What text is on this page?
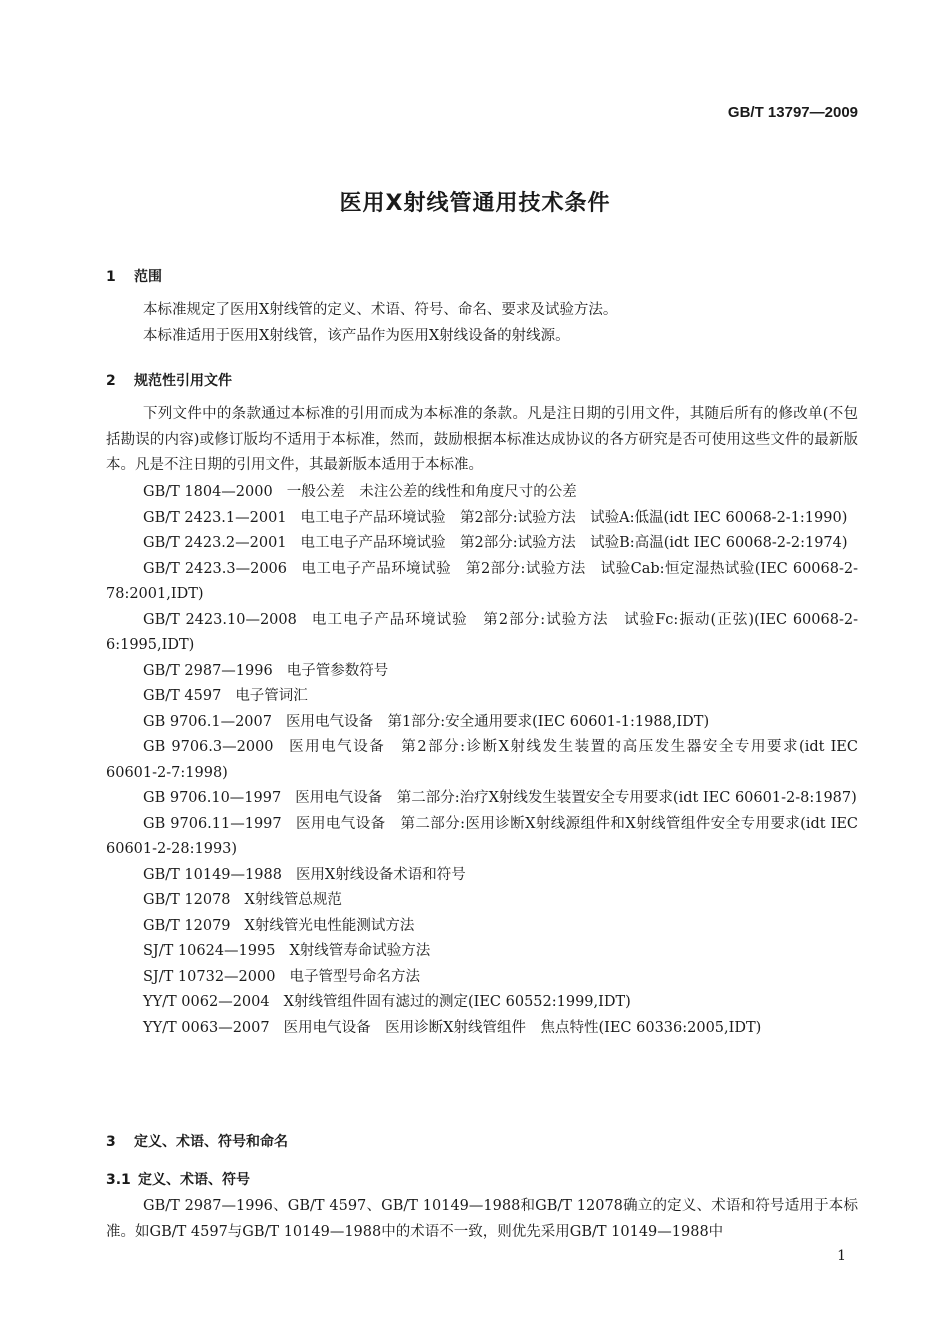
GB/T 13797—2009
医用X射线管通用技术条件
1 范围

本标准规定了医用X射线管的定义、术语、符号、命名、要求及试验方法。

本标准适用于医用X射线管，该产品作为医用X射线设备的射线源。

2 规范性引用文件

下列文件中的条款通过本标准的引用而成为本标准的条款。凡是注日期的引用文件，其随后所有的修改单(不包括勘误的内容)或修订版均不适用于本标准，然而，鼓励根据本标准达成协议的各方研究是否可使用这些文件的最新版本。凡是不注日期的引用文件，其最新版本适用于本标准。

GB/T 1804—2000 一般公差　未注公差的线性和角度尺寸的公差
GB/T 2423.1—2001 电工电子产品环境试验　第2部分:试验方法　试验A:低温(idt IEC 60068-2-1:1990)
GB/T 2423.2—2001 电工电子产品环境试验　第2部分:试验方法　试验B:高温(idt IEC 60068-2-2:1974)
GB/T 2423.3—2006 电工电子产品环境试验　第2部分:试验方法　试验Cab:恒定湿热试验(IEC 60068-2-78:2001,IDT)
GB/T 2423.10—2008 电工电子产品环境试验　第2部分:试验方法　试验Fc:振动(正弦)(IEC 60068-2-6:1995,IDT)
GB/T 2987—1996 电子管参数符号
GB/T 4597 电子管词汇
GB 9706.1—2007 医用电气设备　第1部分:安全通用要求(IEC 60601-1:1988,IDT)
GB 9706.3—2000 医用电气设备　第2部分:诊断X射线发生装置的高压发生器安全专用要求(idt IEC 60601-2-7:1998)
GB 9706.10—1997 医用电气设备　第二部分:治疗X射线发生装置安全专用要求(idt IEC 60601-2-8:1987)
GB 9706.11—1997 医用电气设备　第二部分:医用诊断X射线源组件和X射线管组件安全专用要求(idt IEC 60601-2-28:1993)
GB/T 10149—1988 医用X射线设备术语和符号
GB/T 12078 X射线管总规范
GB/T 12079 X射线管光电性能测试方法
SJ/T 10624—1995 X射线管寿命试验方法
SJ/T 10732—2000 电子管型号命名方法
YY/T 0062—2004 X射线管组件固有滤过的测定(IEC 60552:1999,IDT)
YY/T 0063—2007 医用电气设备　医用诊断X射线管组件　焦点特性(IEC 60336:2005,IDT)
3 定义、术语、符号和命名
3.1 定义、术语、符号

GB/T 2987—1996、GB/T 4597、GB/T 10149—1988和GB/T 12078确立的定义、术语和符号适用于本标准。如GB/T 4597与GB/T 10149—1988中的术语不一致，则优先采用GB/T 10149—1988中

1
